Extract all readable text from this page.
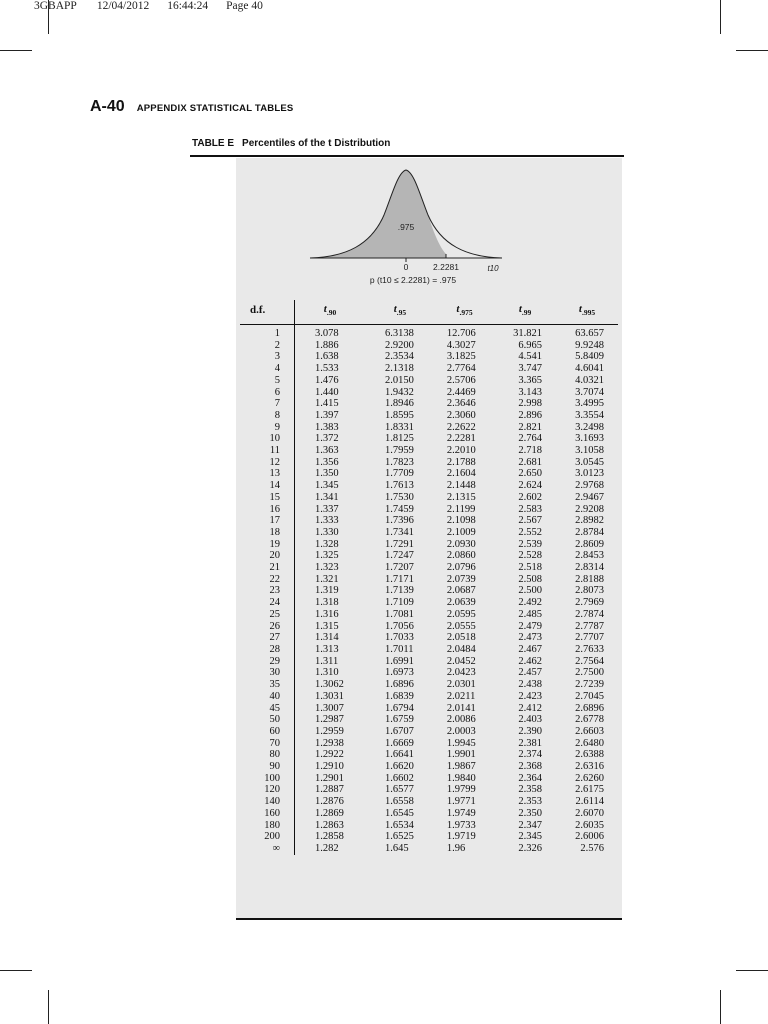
3GBAPP 12/04/2012 16:44:24 Page 40
A-40 APPENDIX STATISTICAL TABLES
TABLE E Percentiles of the t Distribution
.975
0	2.2281	t10
p (t10 ≤ 2.2281) = .975
d.f.	$t_{.90}$	$t_{.95}$	$t_{.975}$	$t_{.99}$	$t_{.995}$
1	3.078	6.3138	12.706	31.821	63.657
2	1.886	2.9200	4.3027	6.965	9.9248
3	1.638	2.3534	3.1825	4.541	5.8409
4	1.533	2.1318	2.7764	3.747	4.6041
5	1.476	2.0150	2.5706	3.365	4.0321
6	1.440	1.9432	2.4469	3.143	3.7074
7	1.415	1.8946	2.3646	2.998	3.4995
8	1.397	1.8595	2.3060	2.896	3.3554
9	1.383	1.8331	2.2622	2.821	3.2498
10	1.372	1.8125	2.2281	2.764	3.1693
11	1.363	1.7959	2.2010	2.718	3.1058
12	1.356	1.7823	2.1788	2.681	3.0545
13	1.350	1.7709	2.1604	2.650	3.0123
14	1.345	1.7613	2.1448	2.624	2.9768
15	1.341	1.7530	2.1315	2.602	2.9467
16	1.337	1.7459	2.1199	2.583	2.9208
17	1.333	1.7396	2.1098	2.567	2.8982
18	1.330	1.7341	2.1009	2.552	2.8784
19	1.328	1.7291	2.0930	2.539	2.8609
20	1.325	1.7247	2.0860	2.528	2.8453
21	1.323	1.7207	2.0796	2.518	2.8314
22	1.321	1.7171	2.0739	2.508	2.8188
23	1.319	1.7139	2.0687	2.500	2.8073
24	1.318	1.7109	2.0639	2.492	2.7969
25	1.316	1.7081	2.0595	2.485	2.7874
26	1.315	1.7056	2.0555	2.479	2.7787
27	1.314	1.7033	2.0518	2.473	2.7707
28	1.313	1.7011	2.0484	2.467	2.7633
29	1.311	1.6991	2.0452	2.462	2.7564
30	1.310	1.6973	2.0423	2.457	2.7500
35	1.3062	1.6896	2.0301	2.438	2.7239
40	1.3031	1.6839	2.0211	2.423	2.7045
45	1.3007	1.6794	2.0141	2.412	2.6896
50	1.2987	1.6759	2.0086	2.403	2.6778
60	1.2959	1.6707	2.0003	2.390	2.6603
70	1.2938	1.6669	1.9945	2.381	2.6480
80	1.2922	1.6641	1.9901	2.374	2.6388
90	1.2910	1.6620	1.9867	2.368	2.6316
100	1.2901	1.6602	1.9840	2.364	2.6260
120	1.2887	1.6577	1.9799	2.358	2.6175
140	1.2876	1.6558	1.9771	2.353	2.6114
160	1.2869	1.6545	1.9749	2.350	2.6070
180	1.2863	1.6534	1.9733	2.347	2.6035
200	1.2858	1.6525	1.9719	2.345	2.6006
∞	1.282	1.645	1.96	2.326	2.576
